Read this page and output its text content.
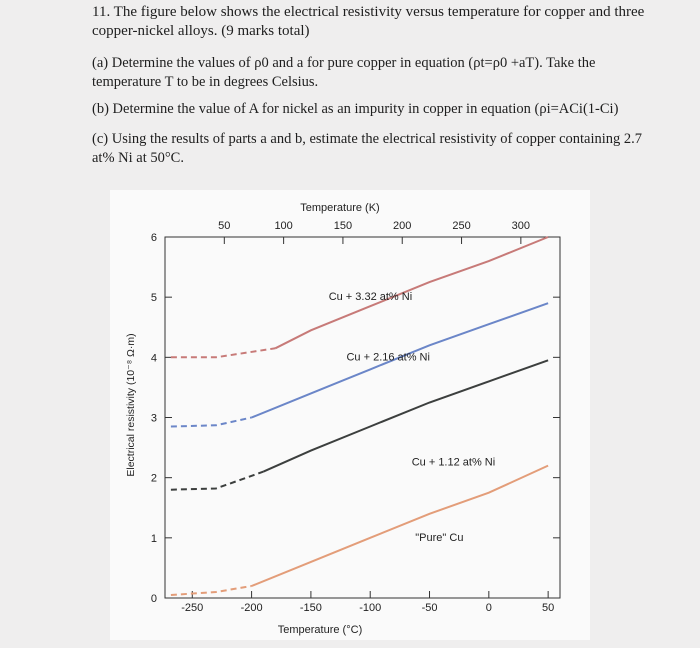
11. The figure below shows the electrical resistivity versus temperature for copper and three copper-nickel alloys. (9 marks total)
(a) Determine the values of ρ0 and a for pure copper in equation (ρt=ρ0 +aT). Take the temperature T to be in degrees Celsius.
(b) Determine the value of A for nickel as an impurity in copper in equation (ρi=ACi(1-Ci)
(c) Using the results of parts a and b, estimate the electrical resistivity of copper containing 2.7 at% Ni at 50°C.
-250	-200	-150	-100	-50	0	50
50	100	150	200	250	300
0
1
2
3
4
5
6
Cu + 3.32 at% Ni
Cu + 2.16 at% Ni
Cu + 1.12 at% Ni
"Pure" Cu
Temperature (°C)
Temperature (K)
Electrical resistivity (10⁻⁸ Ω·m)
